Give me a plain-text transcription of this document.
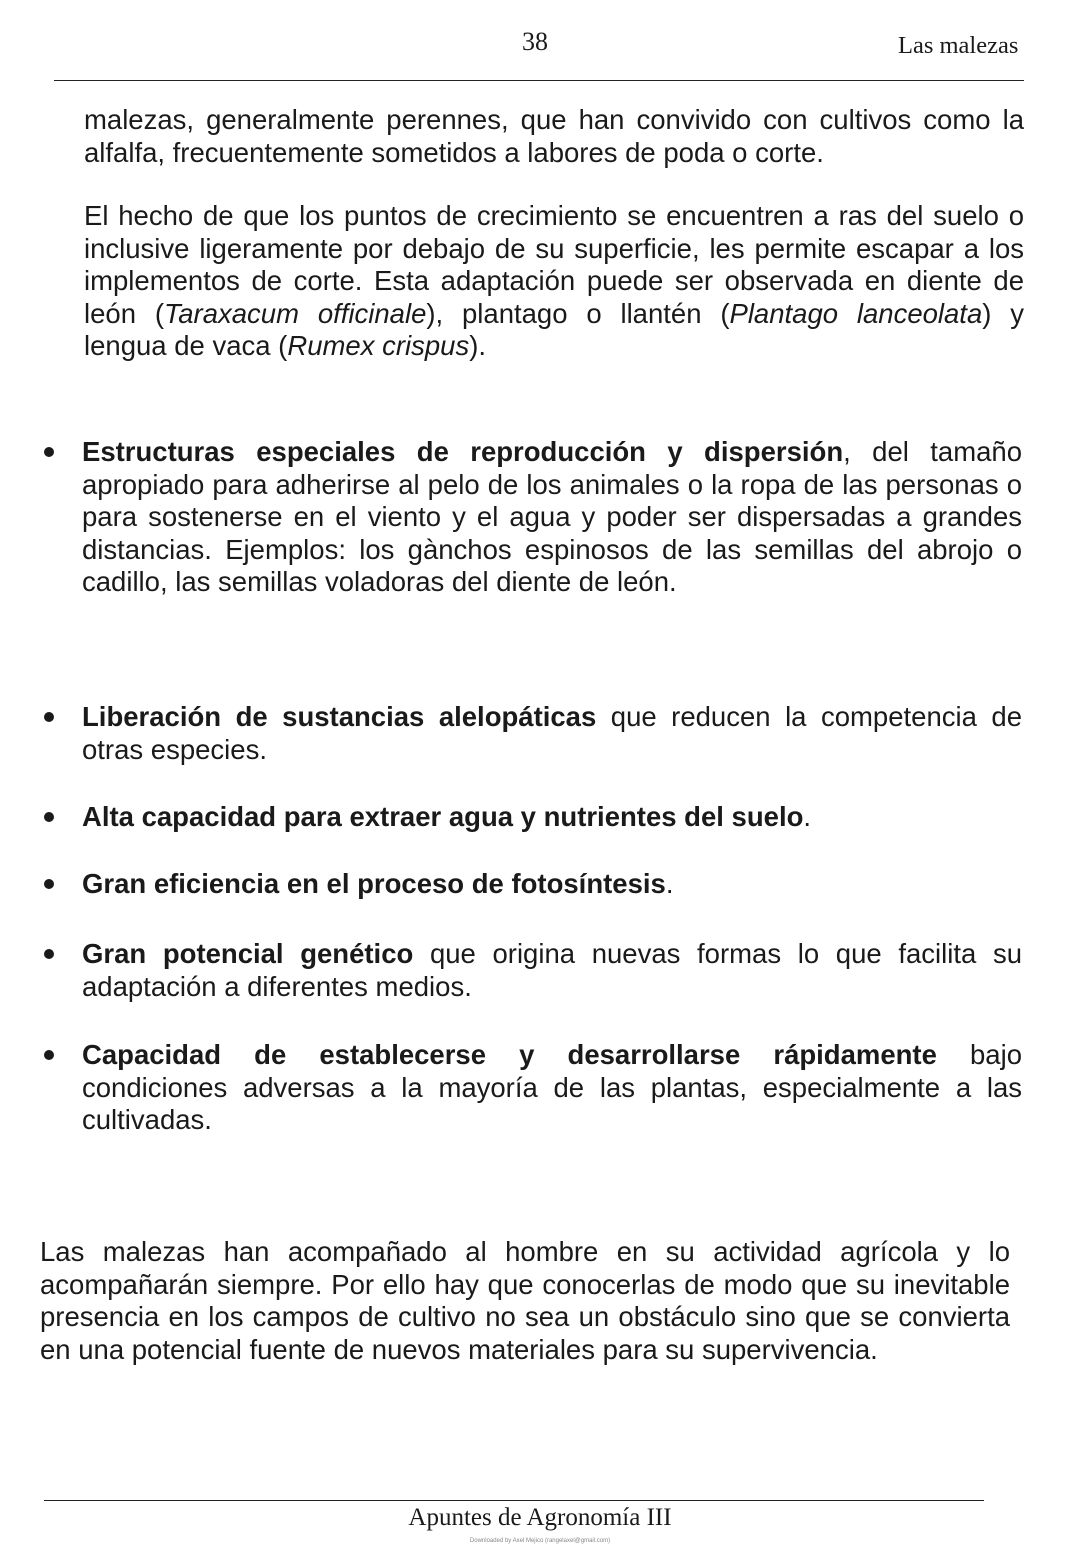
38	Las malezas

malezas, generalmente perennes, que han convivido con cultivos como la alfalfa, frecuentemente sometidos a labores de poda o corte.

El hecho de que los puntos de crecimiento se encuentren a ras del suelo o inclusive ligeramente por debajo de su superficie, les permite escapar a los implementos de corte. Esta adaptación puede ser observada en diente de león (Taraxacum officinale), plantago o llantén (Plantago lanceolata) y lengua de vaca (Rumex crispus).

Estructuras especiales de reproducción y dispersión, del tamaño apropiado para adherirse al pelo de los animales o la ropa de las personas o para sostenerse en el viento y el agua y poder ser dispersadas a grandes distancias. Ejemplos: los gànchos espinosos de las semillas del abrojo o cadillo, las semillas voladoras del diente de león.

Liberación de sustancias alelopáticas que reducen la competencia de otras especies.

Alta capacidad para extraer agua y nutrientes del suelo.

Gran eficiencia en el proceso de fotosíntesis.

Gran potencial genético que origina nuevas formas lo que facilita su adaptación a diferentes medios.

Capacidad de establecerse y desarrollarse rápidamente bajo condiciones adversas a la mayoría de las plantas, especialmente a las cultivadas.

Las malezas han acompañado al hombre en su actividad agrícola y lo acompañarán siempre. Por ello hay que conocerlas de modo que su inevitable presencia en los campos de cultivo no sea un obstáculo sino que se convierta en una potencial fuente de nuevos materiales para su supervivencia.

Apuntes de Agronomía III
Downloaded by Axel Mejico (rangelaxel@gmail.com)
